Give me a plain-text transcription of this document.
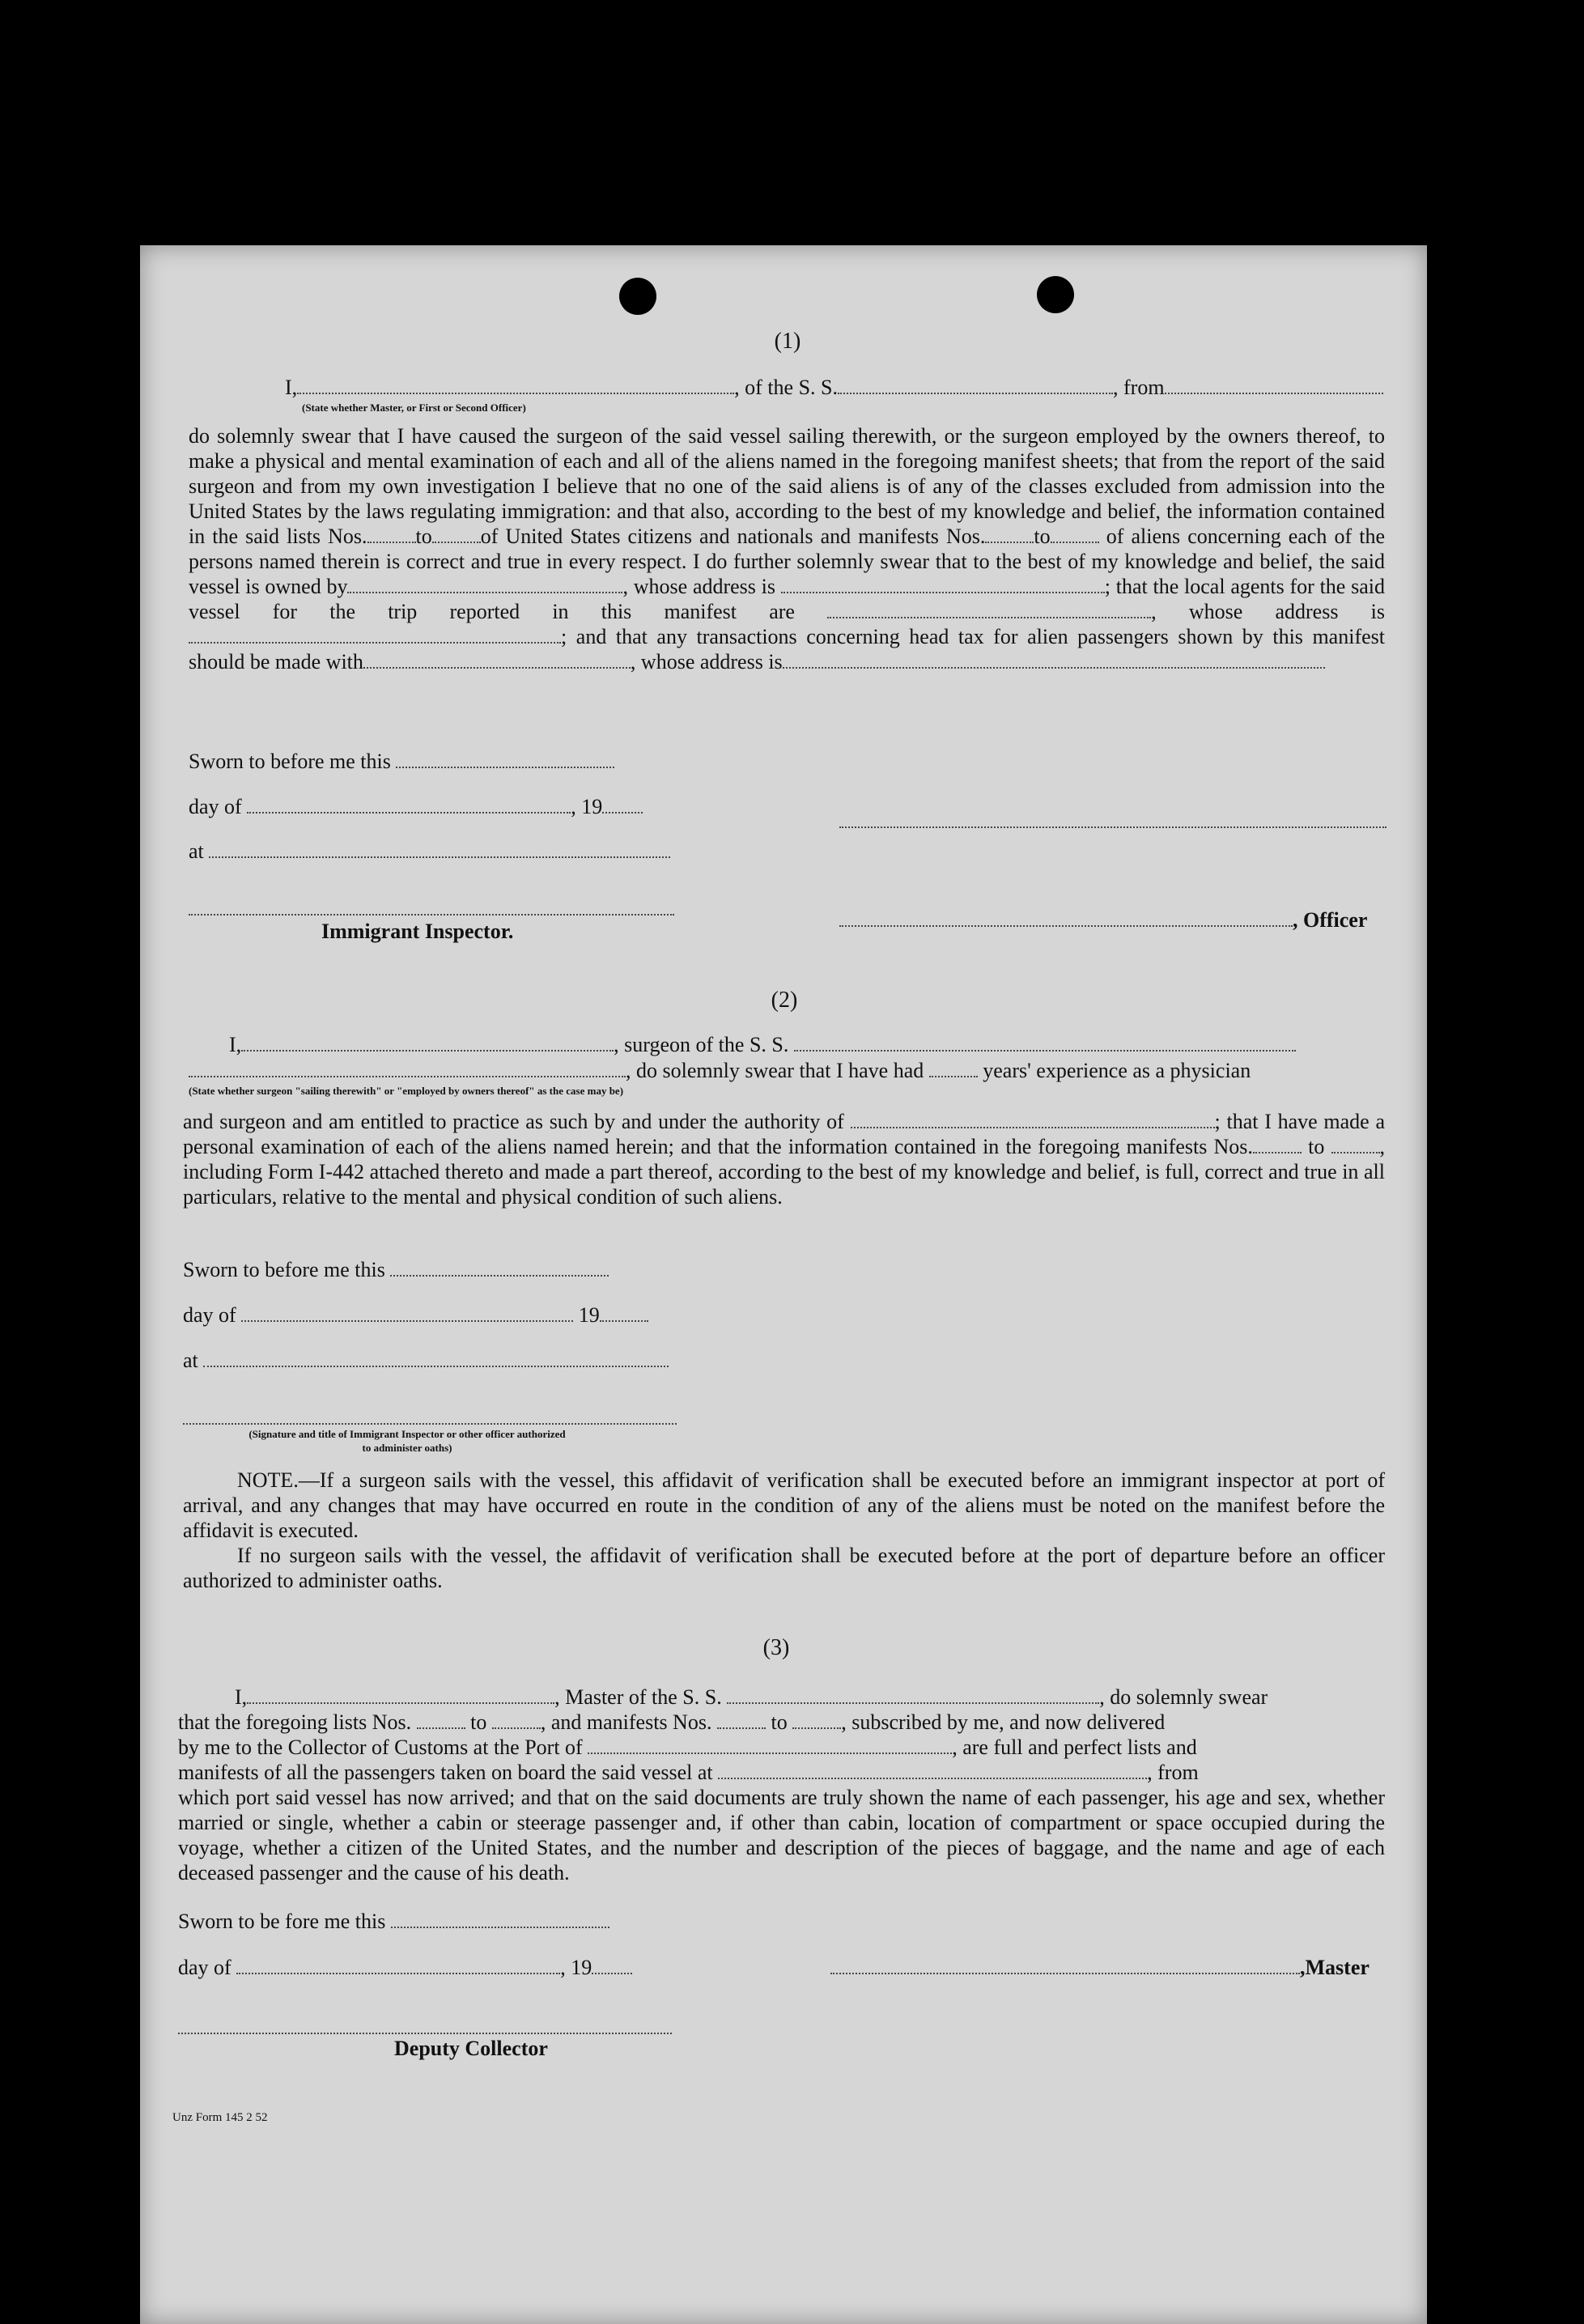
(1)
I,	, of the S. S.	, from
(State whether Master, or First or Second Officer)
do solemnly swear that I have caused the surgeon of the said vessel sailing therewith, or the surgeon employed by the owners thereof, to make a physical and mental examination of each and all of the aliens named in the foregoing manifest sheets; that from the report of the said surgeon and from my own investigation I believe that no one of the said aliens is of any of the classes excluded from admission into the United States by the laws regulating immigration: and that also, according to the best of my knowledge and belief, the information contained in the said lists Nos. to of United States citizens and nationals and manifests Nos. to	of aliens concerning each of the persons named therein is correct and true in every respect. I do further solemnly swear that to the best of my knowledge and belief, the said vessel is owned by	, whose address is	; that the local agents for the said vessel for the trip reported in this manifest are	, whose address is; and that any transactions concerning head tax for alien passengers shown by this manifest should be made with	, whose address is
Sworn to before me this
day of	, 19
at
Immigrant Inspector.	, Officer
(2)
I,	, surgeon of the S. S.
, do solemnly swear that I have had	years' experience as a physician
(State whether surgeon "sailing therewith" or "employed by owners thereof" as the case may be)
and surgeon and am entitled to practice as such by and under the authority of	; that I have made a personal examination of each of the aliens named herein; and that the information contained in the foregoing manifests Nos.	to	, including Form I-442 attached thereto and made a part thereof, according to the best of my knowledge and belief, is full, correct and true in all particulars, relative to the mental and physical condition of such aliens.
Sworn to before me this
day of	19
at
(Signature and title of Immigrant Inspector or other officer authorized to administer oaths)
NOTE.—If a surgeon sails with the vessel, this affidavit of verification shall be executed before an immigrant inspector at port of arrival, and any changes that may have occurred en route in the condition of any of the aliens must be noted on the manifest before the affidavit is executed.
If no surgeon sails with the vessel, the affidavit of verification shall be executed before at the port of departure before an officer authorized to administer oaths.
(3)
I,	, Master of the S. S.	, do solemnly swear
that the foregoing lists Nos.	to	, and manifests Nos.	to	, subscribed by me, and now delivered
by me to the Collector of Customs at the Port of	, are full and perfect lists and
manifests of all the passengers taken on board the said vessel at	, from
which port said vessel has now arrived; and that on the said documents are truly shown the name of each passenger, his age and sex, whether married or single, whether a cabin or steerage passenger and, if other than cabin, location of compartment or space occupied during the voyage, whether a citizen of the United States, and the number and description of the pieces of baggage, and the name and age of each deceased passenger and the cause of his death.
Sworn to be fore me this
day of	, 19	,Master
Deputy Collector
Unz Form 145 2 52
